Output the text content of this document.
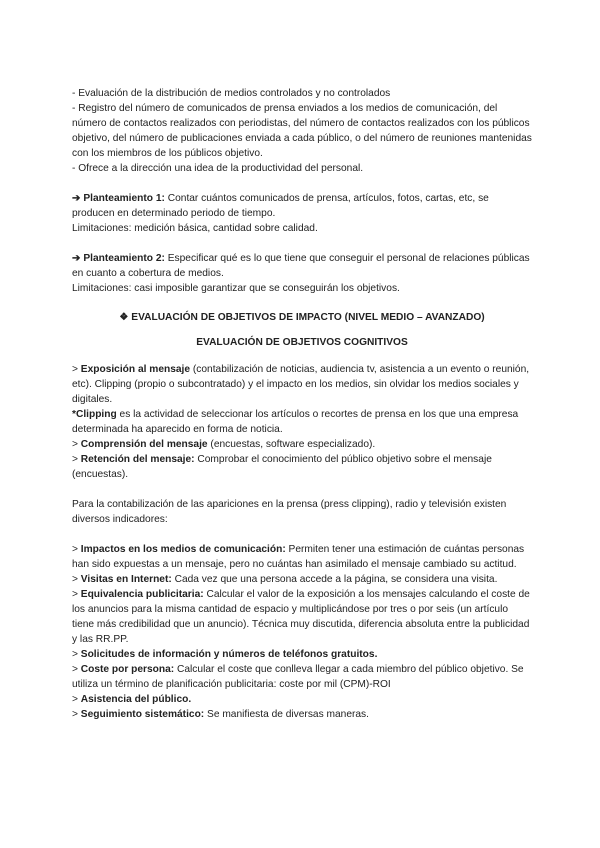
- Evaluación de la distribución de medios controlados y no controlados

- Registro del número de comunicados de prensa enviados a los medios de comunicación, del número de contactos realizados con periodistas, del número de contactos realizados con los públicos objetivo, del número de publicaciones enviada a cada público, o del número de reuniones mantenidas con los miembros de los públicos objetivo.

- Ofrece a la dirección una idea de la productividad del personal.

➔ Planteamiento 1: Contar cuántos comunicados de prensa, artículos, fotos, cartas, etc, se producen en determinado periodo de tiempo.

Limitaciones: medición básica, cantidad sobre calidad.

➔ Planteamiento 2: Especificar qué es lo que tiene que conseguir el personal de relaciones públicas en cuanto a cobertura de medios.

Limitaciones: casi imposible garantizar que se conseguirán los objetivos.

❖ EVALUACIÓN DE OBJETIVOS DE IMPACTO (NIVEL MEDIO – AVANZADO)

EVALUACIÓN DE OBJETIVOS COGNITIVOS

> Exposición al mensaje (contabilización de noticias, audiencia tv, asistencia a un evento o reunión, etc). Clipping (propio o subcontratado) y el impacto en los medios, sin olvidar los medios sociales y digitales.

*Clipping es la actividad de seleccionar los artículos o recortes de prensa en los que una empresa determinada ha aparecido en forma de noticia.

> Comprensión del mensaje (encuestas, software especializado).

> Retención del mensaje: Comprobar el conocimiento del público objetivo sobre el mensaje (encuestas).

Para la contabilización de las apariciones en la prensa (press clipping), radio y televisión existen diversos indicadores:

> Impactos en los medios de comunicación: Permiten tener una estimación de cuántas personas han sido expuestas a un mensaje, pero no cuántas han asimilado el mensaje cambiado su actitud.

> Visitas en Internet: Cada vez que una persona accede a la página, se considera una visita.

> Equivalencia publicitaria: Calcular el valor de la exposición a los mensajes calculando el coste de los anuncios para la misma cantidad de espacio y multiplicándose por tres o por seis (un artículo tiene más credibilidad que un anuncio). Técnica muy discutida, diferencia absoluta entre la publicidad y las RR.PP.

> Solicitudes de información y números de teléfonos gratuitos.

> Coste por persona: Calcular el coste que conlleva llegar a cada miembro del público objetivo. Se utiliza un término de planificación publicitaria: coste por mil (CPM)-ROI

> Asistencia del público.

> Seguimiento sistemático: Se manifiesta de diversas maneras.
